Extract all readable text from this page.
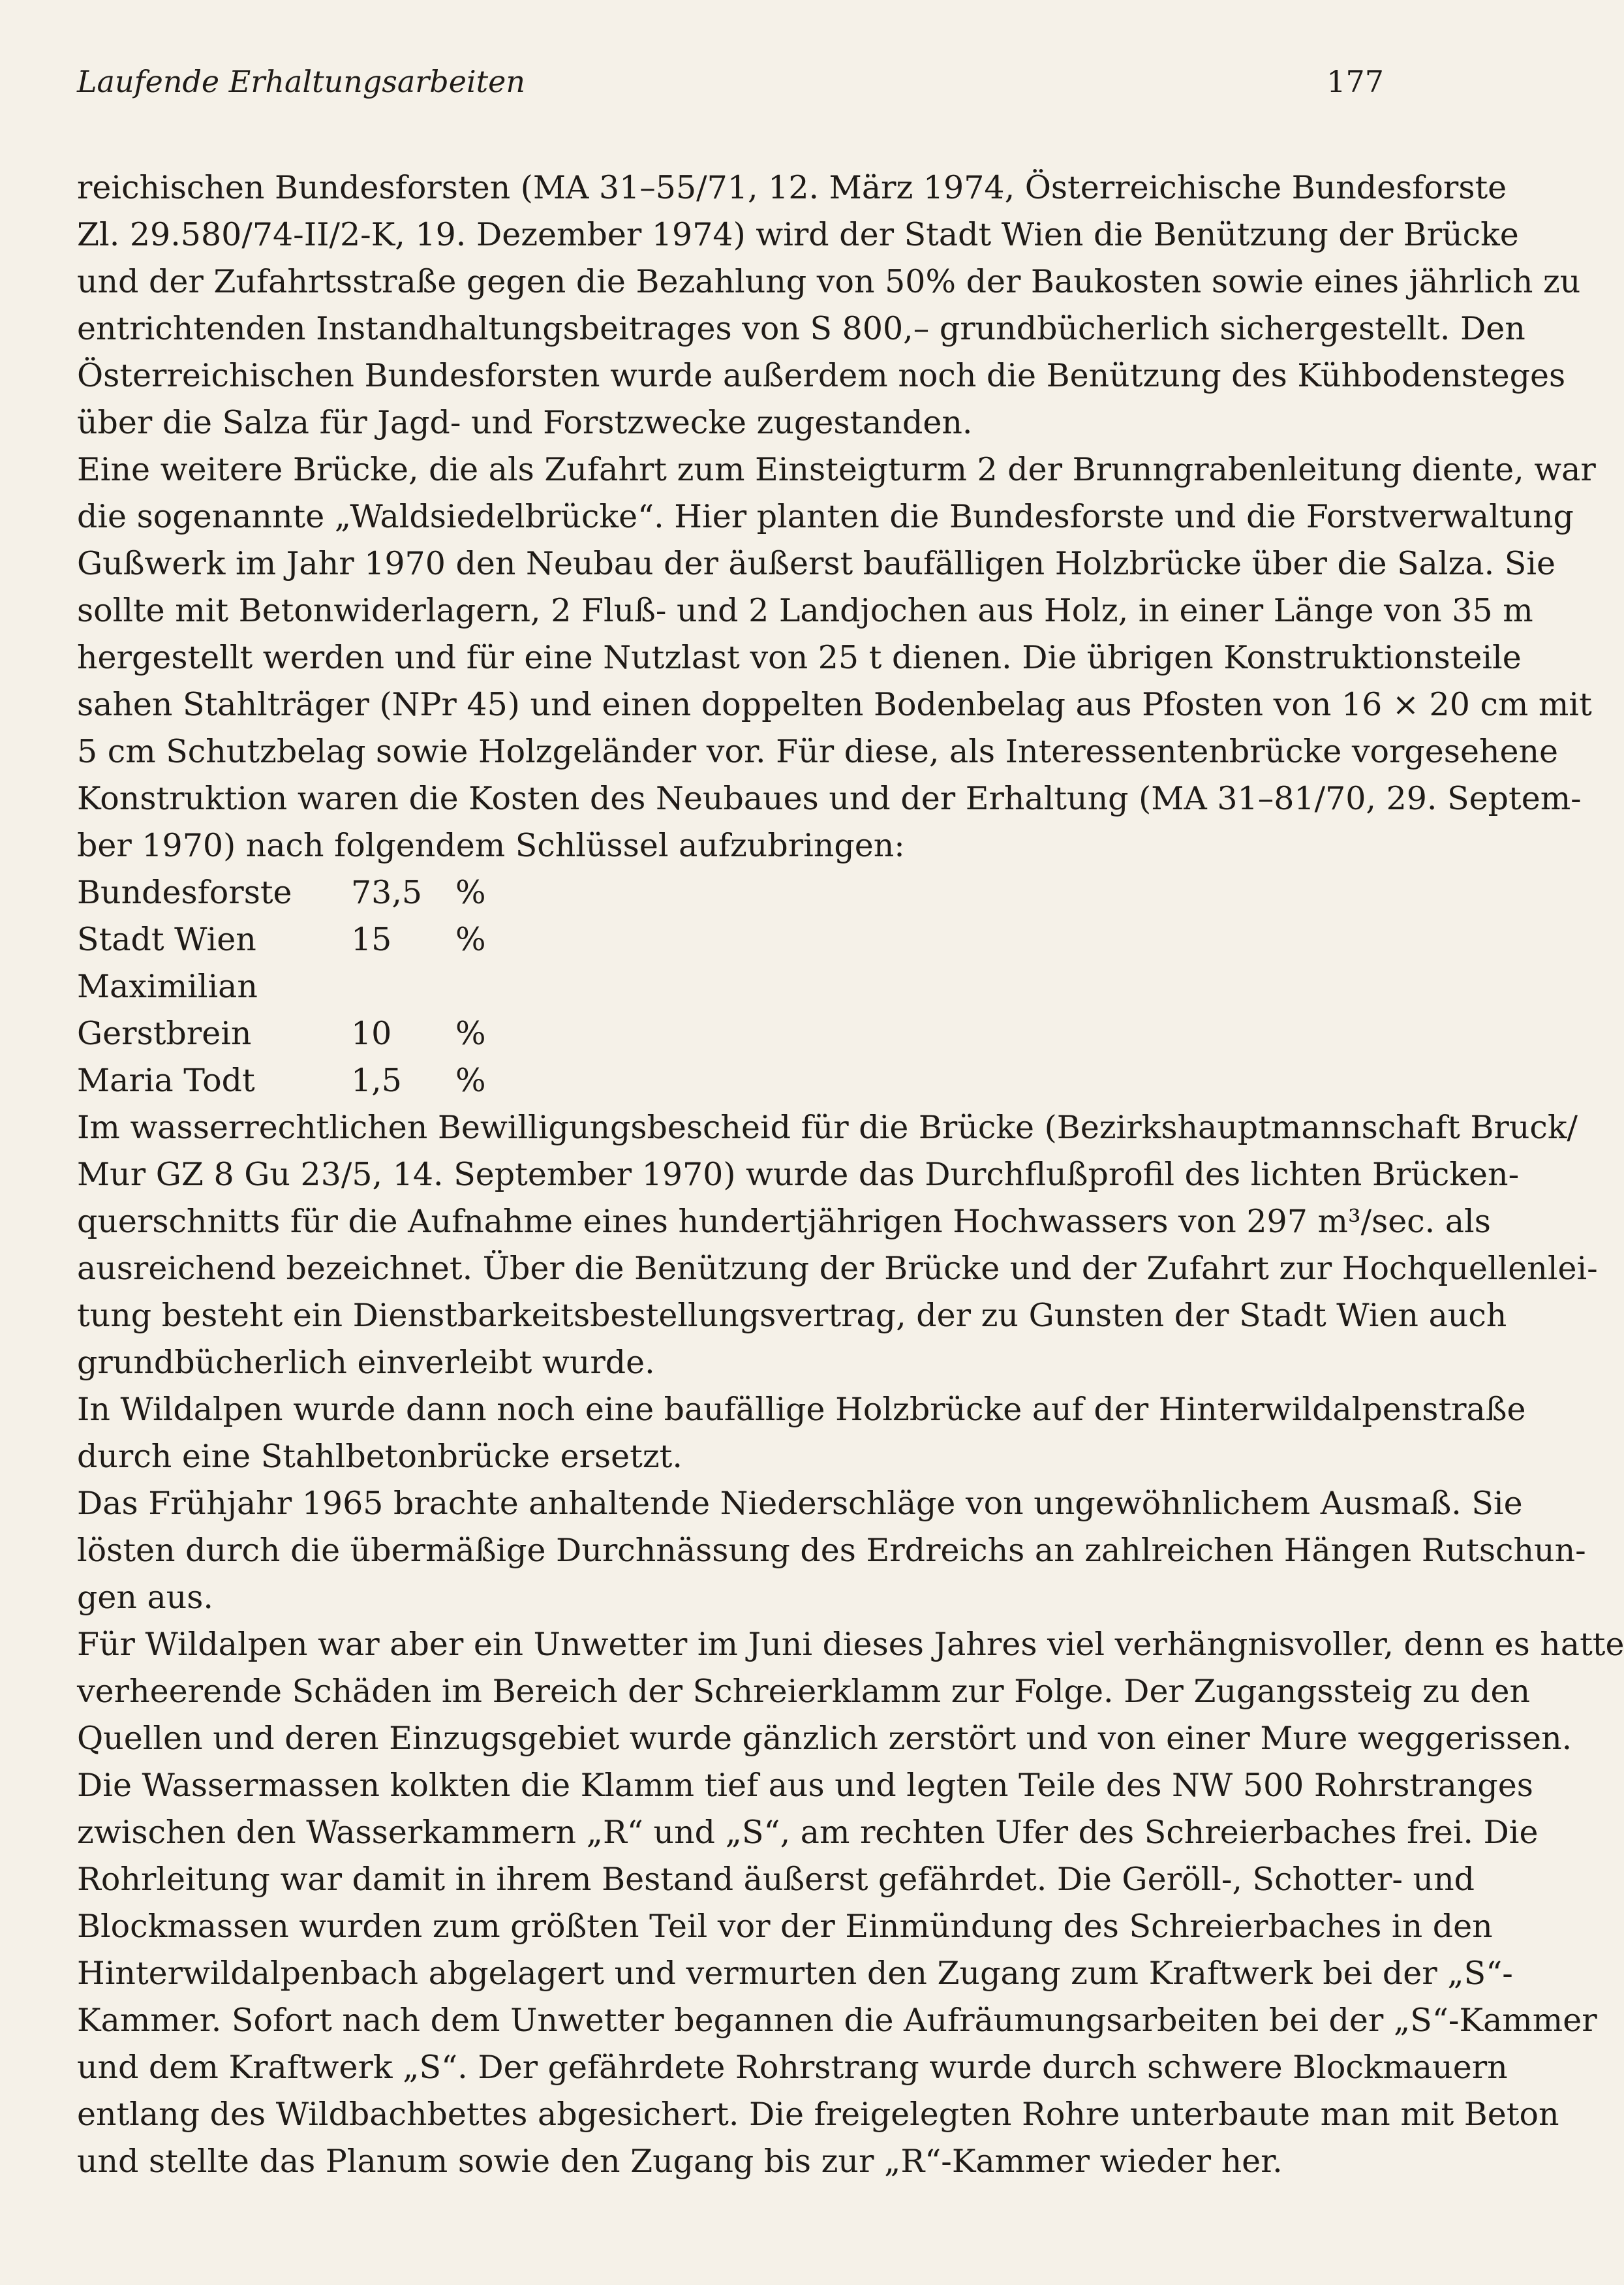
Laufende Erhaltungsarbeiten	177
reichischen Bundesforsten (MA 31–55/71, 12. März 1974, Österreichische Bundesforste
Zl. 29.580/74-II/2-K, 19. Dezember 1974) wird der Stadt Wien die Benützung der Brücke
und der Zufahrtsstraße gegen die Bezahlung von 50% der Baukosten sowie eines jährlich zu
entrichtenden Instandhaltungsbeitrages von S 800,– grundbücherlich sichergestellt. Den
Österreichischen Bundesforsten wurde außerdem noch die Benützung des Kühbodensteges
über die Salza für Jagd- und Forstzwecke zugestanden.
Eine weitere Brücke, die als Zufahrt zum Einsteigturm 2 der Brunngrabenleitung diente, war
die sogenannte „Waldsiedelbrücke“. Hier planten die Bundesforste und die Forstverwaltung
Gußwerk im Jahr 1970 den Neubau der äußerst baufälligen Holzbrücke über die Salza. Sie
sollte mit Betonwiderlagern, 2 Fluß- und 2 Landjochen aus Holz, in einer Länge von 35 m
hergestellt werden und für eine Nutzlast von 25 t dienen. Die übrigen Konstruktionsteile
sahen Stahlträger (NPr 45) und einen doppelten Bodenbelag aus Pfosten von 16 × 20 cm mit
5 cm Schutzbelag sowie Holzgeländer vor. Für diese, als Interessentenbrücke vorgesehene
Konstruktion waren die Kosten des Neubaues und der Erhaltung (MA 31–81/70, 29. Septem-
ber 1970) nach folgendem Schlüssel aufzubringen:
Bundesforste	73,5	%
Stadt Wien	15	%
Maximilian
Gerstbrein	10	%
Maria Todt	1,5	%
Im wasserrechtlichen Bewilligungsbescheid für die Brücke (Bezirkshauptmannschaft Bruck/
Mur GZ 8 Gu 23/5, 14. September 1970) wurde das Durchflußprofil des lichten Brücken-
querschnitts für die Aufnahme eines hundertjährigen Hochwassers von 297 m³/sec. als
ausreichend bezeichnet. Über die Benützung der Brücke und der Zufahrt zur Hochquellenlei-
tung besteht ein Dienstbarkeitsbestellungsvertrag, der zu Gunsten der Stadt Wien auch
grundbücherlich einverleibt wurde.
In Wildalpen wurde dann noch eine baufällige Holzbrücke auf der Hinterwildalpenstraße
durch eine Stahlbetonbrücke ersetzt.
Das Frühjahr 1965 brachte anhaltende Niederschläge von ungewöhnlichem Ausmaß. Sie
lösten durch die übermäßige Durchnässung des Erdreichs an zahlreichen Hängen Rutschun-
gen aus.
Für Wildalpen war aber ein Unwetter im Juni dieses Jahres viel verhängnisvoller, denn es hatte
verheerende Schäden im Bereich der Schreierklamm zur Folge. Der Zugangssteig zu den
Quellen und deren Einzugsgebiet wurde gänzlich zerstört und von einer Mure weggerissen.
Die Wassermassen kolkten die Klamm tief aus und legten Teile des NW 500 Rohrstranges
zwischen den Wasserkammern „R“ und „S“, am rechten Ufer des Schreierbaches frei. Die
Rohrleitung war damit in ihrem Bestand äußerst gefährdet. Die Geröll-, Schotter- und
Blockmassen wurden zum größten Teil vor der Einmündung des Schreierbaches in den
Hinterwildalpenbach abgelagert und vermurten den Zugang zum Kraftwerk bei der „S“-
Kammer. Sofort nach dem Unwetter begannen die Aufräumungsarbeiten bei der „S“-Kammer
und dem Kraftwerk „S“. Der gefährdete Rohrstrang wurde durch schwere Blockmauern
entlang des Wildbachbettes abgesichert. Die freigelegten Rohre unterbaute man mit Beton
und stellte das Planum sowie den Zugang bis zur „R“-Kammer wieder her.
